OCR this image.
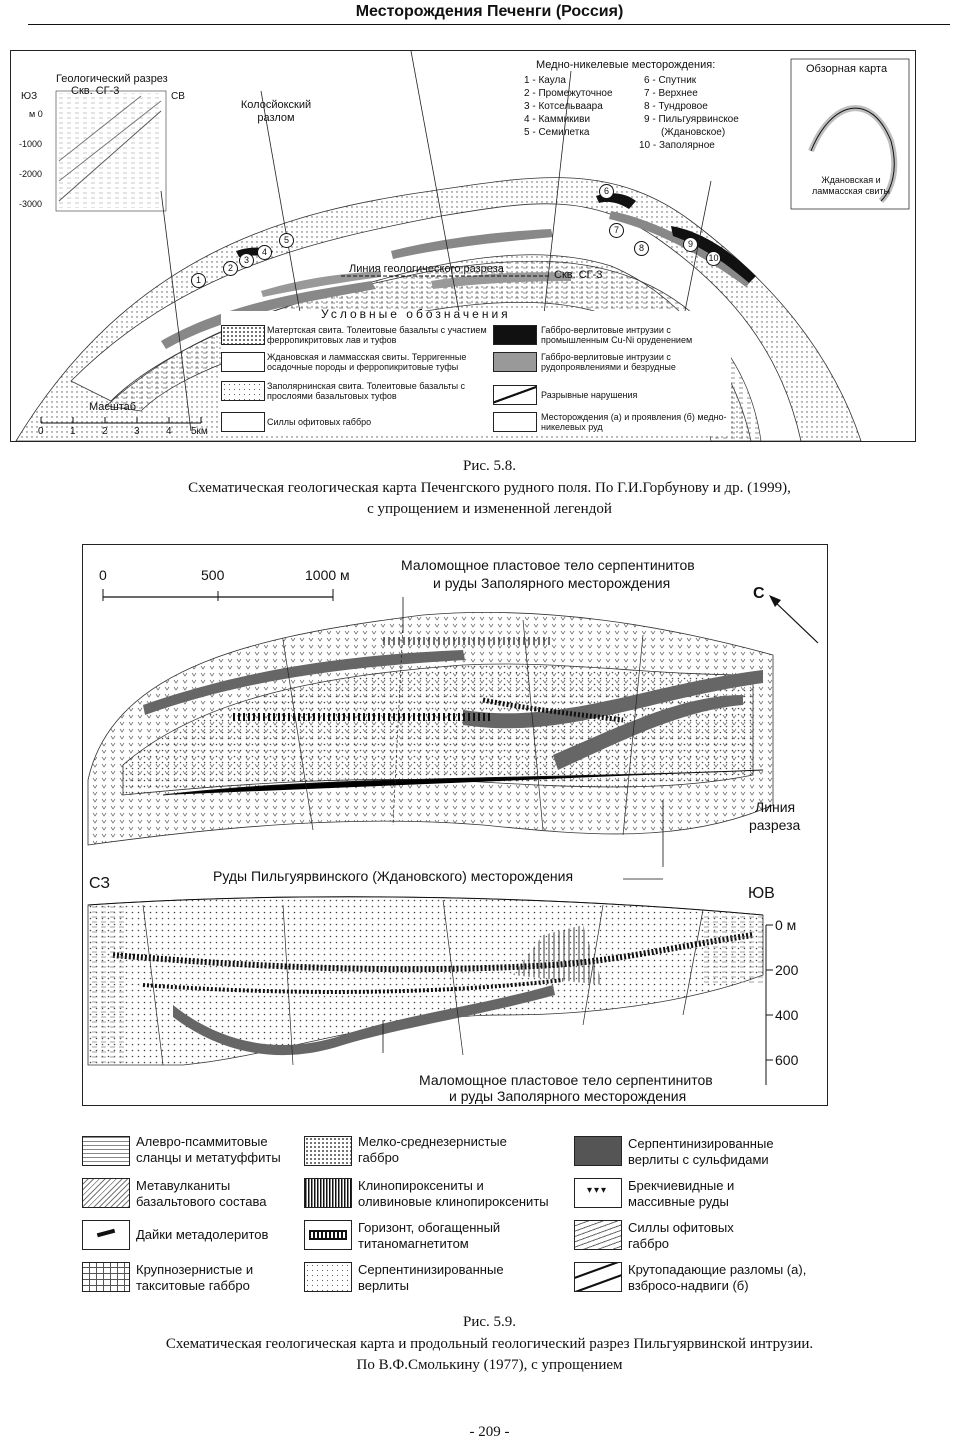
Месторождения Печенги (Россия)
Геологический разрез
Скв. СГ-3
ЮЗ	СВ
м 0
-1000
-2000
-3000
Колосйокский разлом
Медно-никелевые месторождения:
1 - Каула
2 - Промежуточное
3 - Котсельваара
4 - Каммикиви
5 - Семилетка
6 - Спутник
7 - Верхнее
8 - Тундровое
9 - Пильгуярвинское
(Ждановское)
10 - Заполярное
Обзорная карта
Ждановская и ламмасская свиты
Линия геологического разреза	Скв. СГ-3
1
2
3
4
5
6
7
8	9
10
Условные обозначения
Матертская свита. Толеитовые базальты с участием ферропикритовых лав и туфов
Ждановская и ламмасская свиты. Терригенные осадочные породы и ферропикритовые туфы
Заполярнинская свита. Толеитовые базальты с прослоями базальтовых туфов
Силлы офитовых габбро
Габбро-верлитовые интрузии с промышленным Cu-Ni оруденением
Габбро-верлитовые интрузии с рудопроявлениями и безрудные
Разрывные нарушения
Месторождения (а) и проявления (б) медно-никелевых руд
Масштаб
0	1	2	3	4 5км
Рис. 5.8.
Схематическая геологическая карта Печенгского рудного поля. По Г.И.Горбунову и др. (1999),
с упрощением и измененной легендой
0	500	1000 м
Маломощное пластовое тело серпентинитов
и руды Заполярного месторождения
С
Линия
разреза
Руды Пильгуярвинского (Ждановского) месторождения
СЗ
ЮВ
0 м
200
400
600
Маломощное пластовое тело серпентинитов
и руды Заполярного месторождения
Алевро-псаммитовые
сланцы и метатуффиты
Мелко-среднезернистые
габбро
Серпентинизированные
верлиты с сульфидами
Метавулканиты
базальтового состава
Клинопироксениты и
оливиновые клинопироксениты
▾▾▾ Брекчиевидные и
массивные руды
Дайки метадолеритов	Горизонт, обогащенный
титаномагнетитом
Силлы офитовых
габбро
Крупнозернистые и
такситовые габбро
Серпентинизированные
верлиты
Крутопадающие разломы (а),
взбросо-надвиги (б)
Рис. 5.9.
Схематическая геологическая карта и продольный геологический разрез Пильгуярвинской интрузии.
По В.Ф.Смолькину (1977), с упрощением
- 209 -
